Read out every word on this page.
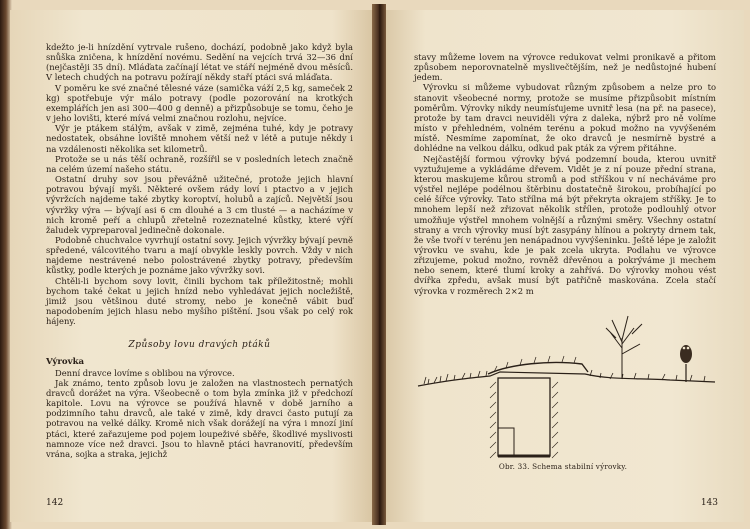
kdežto je-li hnízdění vytrvale rušeno, dochází, podobně jako když byla snůška zničena, k hnízdění novému. Sedění na vejcích trvá 32—36 dní (nejčastěji 35 dní). Mláďata začínají létat ve stáří nejméně dvou měsíců. V letech chudých na potravu požírají někdy staří ptáci svá mláďata.

V poměru ke své značné tělesné váze (samička váží 2,5 kg, sameček 2 kg) spotřebuje výr málo potravy (podle pozorování na krotkých exemplářích jen asi 300—400 g denně) a přizpůsobuje se tomu, čeho je v jeho lovišti, které mívá velmi značnou rozlohu, nejvíce.

Výr je ptákem stálým, avšak v zimě, zejména tuhé, kdy je potravy nedostatek, obsáhne loviště mnohem větší než v létě a putuje někdy i na vzdálenosti několika set kilometrů.

Protože se u nás těší ochraně, rozšířil se v posledních letech značně na celém území našeho státu.

Ostatní druhy sov jsou převážně užitečné, protože jejich hlavní potravou bývají myši. Některé ovšem rády loví i ptactvo a v jejich vývržcích najdeme také zbytky koroptví, holubů a zajíců. Největší jsou vývržky výra — bývají asi 6 cm dlouhé a 3 cm tlusté — a nacházíme v nich kromě peří a chlupů zřetelně rozeznatelné kůstky, které výří žaludek vypreparoval jedinečně dokonale.

Podobně chuchvalce vyvrhují ostatní sovy. Jejich vývržky bývají pevně spředené, válcovitého tvaru a mají obvykle leskly povrch. Vždy v nich najdeme nestrávené nebo polostrávené zbytky potravy, především kůstky, podle kterých je poznáme jako vývržky sovi.

Chtěli-li bychom sovy lovit, činili bychom tak příležitostně; mohli bychom také čekat u jejich hnízd nebo vyhledávat jejich nocležiště, jimiž jsou většinou duté stromy, nebo je konečně vábit buď napodobením jejich hlasu nebo myšího pištění. Jsou však po celý rok hájeny.

Způsoby lovu dravých ptáků

Výrovka

Denní dravce lovíme s oblibou na výrovce.

Jak známo, tento způsob lovu je založen na vlastnostech pernatých dravců dorážet na výra. Všeobecně o tom byla zmínka již v předchozí kapitole. Lovu na výrovce se používá hlavně v době jarního a podzimního tahu dravců, ale také v zimě, kdy dravci často putují za potravou na velké dálky. Kromě nich však dorážejí na výra i mnozí jiní ptáci, které zařazujeme pod pojem loupeživé sběře, škodlivé myslivosti namnoze více než dravci. Jsou to hlavně ptáci havranovití, především vrána, sojka a straka, jejichž

142

stavy můžeme lovem na výrovce redukovat velmi pronikavě a přitom způsobem neporovnatelně myslivečtějším, než je nedůstojné hubení jedem.

Výrovku si můžeme vybudovat různým způsobem a nelze pro to stanovit všeobecné normy, protože se musíme přizpůsobit místním poměrům. Výrovky nikdy neumísťujeme uvnitř lesa (na př. na pasece), protože by tam dravci neuviděli výra z daleka, nýbrž pro ně volíme místo v přehledném, volném terénu a pokud možno na vyvýšeném místě. Nesmíme zapomínat, že oko dravců je nesmírně bystré a dohlédne na velkou dálku, odkud pak pták za výrem přitáhne.

Nejčastější formou výrovky bývá podzemní bouda, kterou uvnitř vyztužujeme a vykládáme dřevem. Vidět je z ní pouze přední strana, kterou maskujeme kůrou stromů a pod stříškou v ní necháváme pro výstřel nejlépe podélnou štěrbinu dostatečně širokou, probíhající po celé šířce výrovky. Tato střílna má být překryta okrajem stříšky. Je to mnohem lepší než zřizovat několik střílen, protože podlouhlý otvor umožňuje výstřel mnohem volnější a různými směry. Všechny ostatní strany a vrch výrovky musí být zasypány hlínou a pokryty drnem tak, že vše tvoří v terénu jen nenápadnou vyvýšeninku. Ještě lépe je založit výrovku ve svahu, kde je pak zcela ukryta. Podlahu ve výrovce zřizujeme, pokud možno, rovněž dřevěnou a pokrýváme ji mechem nebo senem, které tlumí kroky a zahřívá. Do výrovky mohou vést dvířka zpředu, avšak musí být patřičně maskována. Zcela stačí výrovka v rozměrech 2×2 m

Obr. 33. Schema stabilní výrovky.
143
